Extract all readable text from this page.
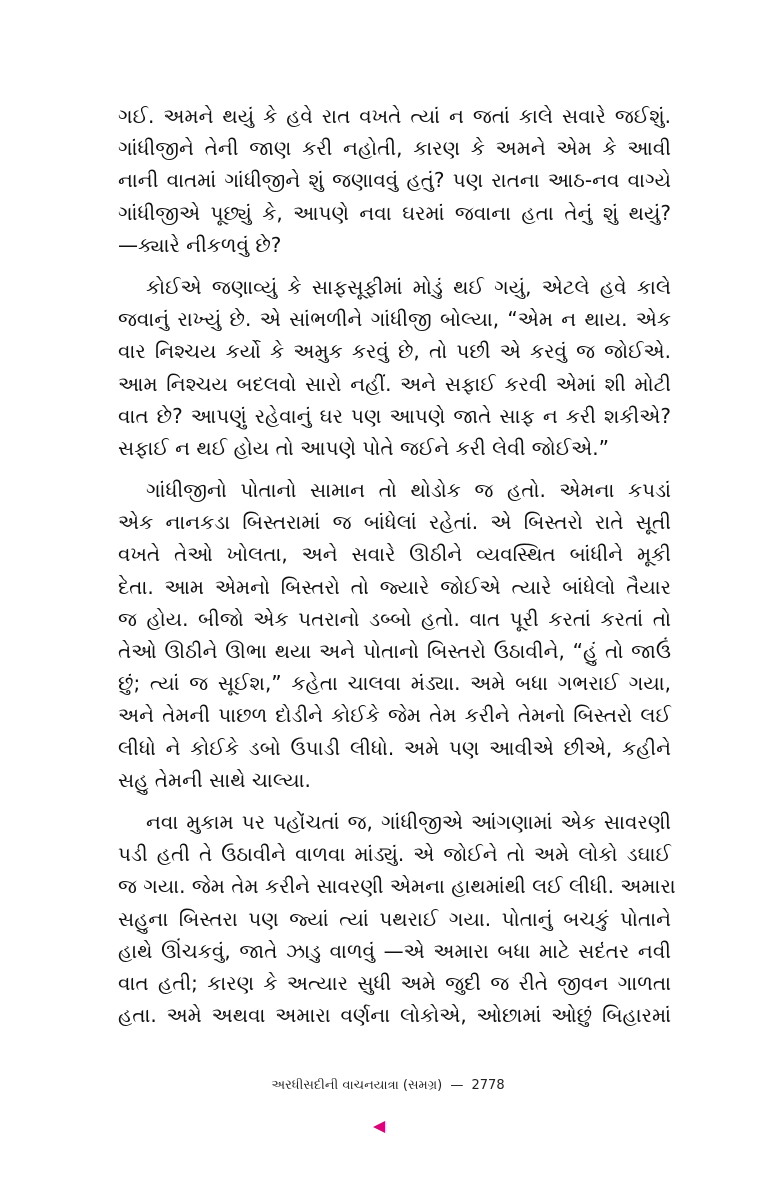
ગઈ. અમને થયું કે હવે રાત વખતે ત્યાં ન જતાં કાલે સવારે જઈશું.
ગાંધીજીને તેની જાણ કરી નહોતી, કારણ કે અમને એમ કે આવી
નાની વાતમાં ગાંધીજીને શું જણાવવું હતું? પણ રાતના આઠ-નવ વાગ્યે
ગાંધીજીએ પૂછ્યું કે, આપણે નવા ઘરમાં જવાના હતા તેનું શું થયું?
—ક્યારે નીકળવું છે?

કોઈએ જણાવ્યું કે સાફસૂફીમાં મોડું થઈ ગયું, એટલે હવે કાલે
જવાનું રાખ્યું છે. એ સાંભળીને ગાંધીજી બોલ્યા, “એમ ન થાય. એક
વાર નિશ્ચય કર્યો કે અમુક કરવું છે, તો પછી એ કરવું જ જોઈએ.
આમ નિશ્ચય બદલવો સારો નહીં. અને સફાઈ કરવી એમાં શી મોટી
વાત છે? આપણું રહેવાનું ઘર પણ આપણે જાતે સાફ ન કરી શકીએ?
સફાઈ ન થઈ હોય તો આપણે પોતે જઈને કરી લેવી જોઈએ.”

ગાંધીજીનો પોતાનો સામાન તો થોડોક જ હતો. એમના કપડાં
એક નાનકડા બિસ્તરામાં જ બાંધેલાં રહેતાં. એ બિસ્તરો રાતે સૂતી
વખતે તેઓ ખોલતા, અને સવારે ઊઠીને વ્યવસ્થિત બાંધીને મૂકી
દેતા. આમ એમનો બિસ્તરો તો જ્યારે જોઈએ ત્યારે બાંધેલો તૈયાર
જ હોય. બીજો એક પતરાનો ડબ્બો હતો. વાત પૂરી કરતાં કરતાં તો
તેઓ ઊઠીને ઊભા થયા અને પોતાનો બિસ્તરો ઉઠાવીને, “હું તો જાઉં
છું; ત્યાં જ સૂઈશ,” કહેતા ચાલવા મંડ્યા. અમે બધા ગભરાઈ ગયા,
અને તેમની પાછળ દોડીને કોઈકે જેમ તેમ કરીને તેમનો બિસ્તરો લઈ
લીધો ને કોઈકે ડબો ઉપાડી લીધો. અમે પણ આવીએ છીએ, કહીને
સહુ તેમની સાથે ચાલ્યા.

નવા મુકામ પર પહોંચતાં જ, ગાંધીજીએ આંગણામાં એક સાવરણી
પડી હતી તે ઉઠાવીને વાળવા માંડ્યું. એ જોઈને તો અમે લોકો ડઘાઈ
જ ગયા. જેમ તેમ કરીને સાવરણી એમના હાથમાંથી લઈ લીધી. અમારા
સહુના બિસ્તરા પણ જ્યાં ત્યાં પથરાઈ ગયા. પોતાનું બચકું પોતાને
હાથે ઊંચકવું, જાતે ઝાડુ વાળવું —એ અમારા બધા માટે સદંતર નવી
વાત હતી; કારણ કે અત્યાર સુધી અમે જુદી જ રીતે જીવન ગાળતા
હતા. અમે અથવા અમારા વર્ણના લોકોએ, ઓછામાં ઓછું બિહારમાં

અરધીસદીની વાચનયાત્રા (સમગ્ર) — 2778
